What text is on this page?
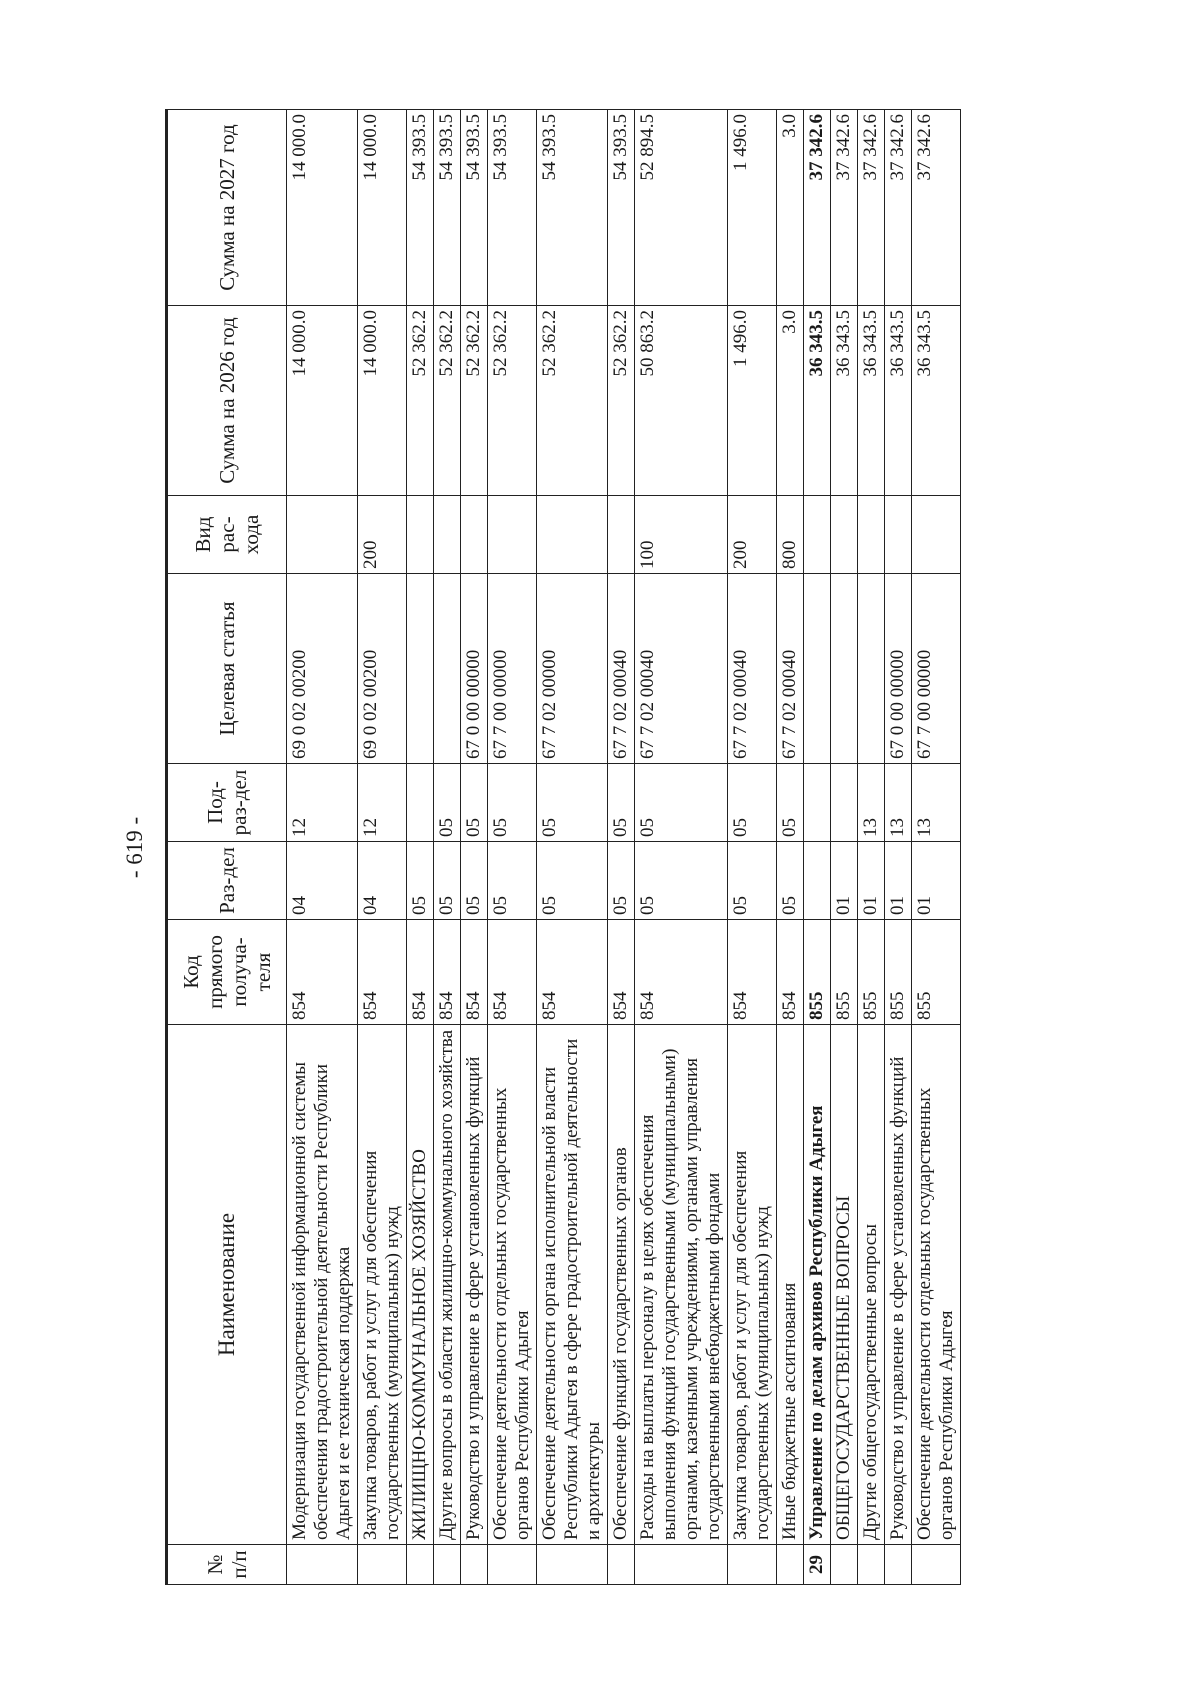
- 619 -
№ п/п	Наименование	Код прямого получа-теля	Раз-дел	Под-раз-дел	Целевая статья	Вид рас-хода	Сумма на 2026 год	Сумма на 2027 год
	Модернизация государственной информационной системы обеспечения градостроительной деятельности Республики Адыгея и ее техническая поддержка	854	04	12	69 0 02 00200		14 000.0	14 000.0
	Закупка товаров, работ и услуг для обеспечения государственных (муниципальных) нужд	854	04	12	69 0 02 00200	200	14 000.0	14 000.0
	ЖИЛИЩНО-КОММУНАЛЬНОЕ ХОЗЯЙСТВО	854	05				52 362.2	54 393.5
	Другие вопросы в области жилищно-коммунального хозяйства	854	05	05			52 362.2	54 393.5
	Руководство и управление в сфере установленных функций	854	05	05	67 0 00 00000		52 362.2	54 393.5
	Обеспечение деятельности отдельных государственных органов Республики Адыгея	854	05	05	67 7 00 00000		52 362.2	54 393.5
	Обеспечение деятельности органа исполнительной власти Республики Адыгея в сфере градостроительной деятельности и архитектуры	854	05	05	67 7 02 00000		52 362.2	54 393.5
	Обеспечение функций государственных органов	854	05	05	67 7 02 00040		52 362.2	54 393.5
	Расходы на выплаты персоналу в целях обеспечения выполнения функций государственными (муниципальными) органами, казенными учреждениями, органами управления государственными внебюджетными фондами	854	05	05	67 7 02 00040	100	50 863.2	52 894.5
	Закупка товаров, работ и услуг для обеспечения государственных (муниципальных) нужд	854	05	05	67 7 02 00040	200	1 496.0	1 496.0
	Иные бюджетные ассигнования	854	05	05	67 7 02 00040	800	3.0	3.0
29	Управление по делам архивов Республики Адыгея	855					36 343.5	37 342.6
	ОБЩЕГОСУДАРСТВЕННЫЕ ВОПРОСЫ	855	01				36 343.5	37 342.6
	Другие общегосударственные вопросы	855	01	13			36 343.5	37 342.6
	Руководство и управление в сфере установленных функций	855	01	13	67 0 00 00000		36 343.5	37 342.6
	Обеспечение деятельности отдельных государственных органов Республики Адыгея	855	01	13	67 7 00 00000		36 343.5	37 342.6
